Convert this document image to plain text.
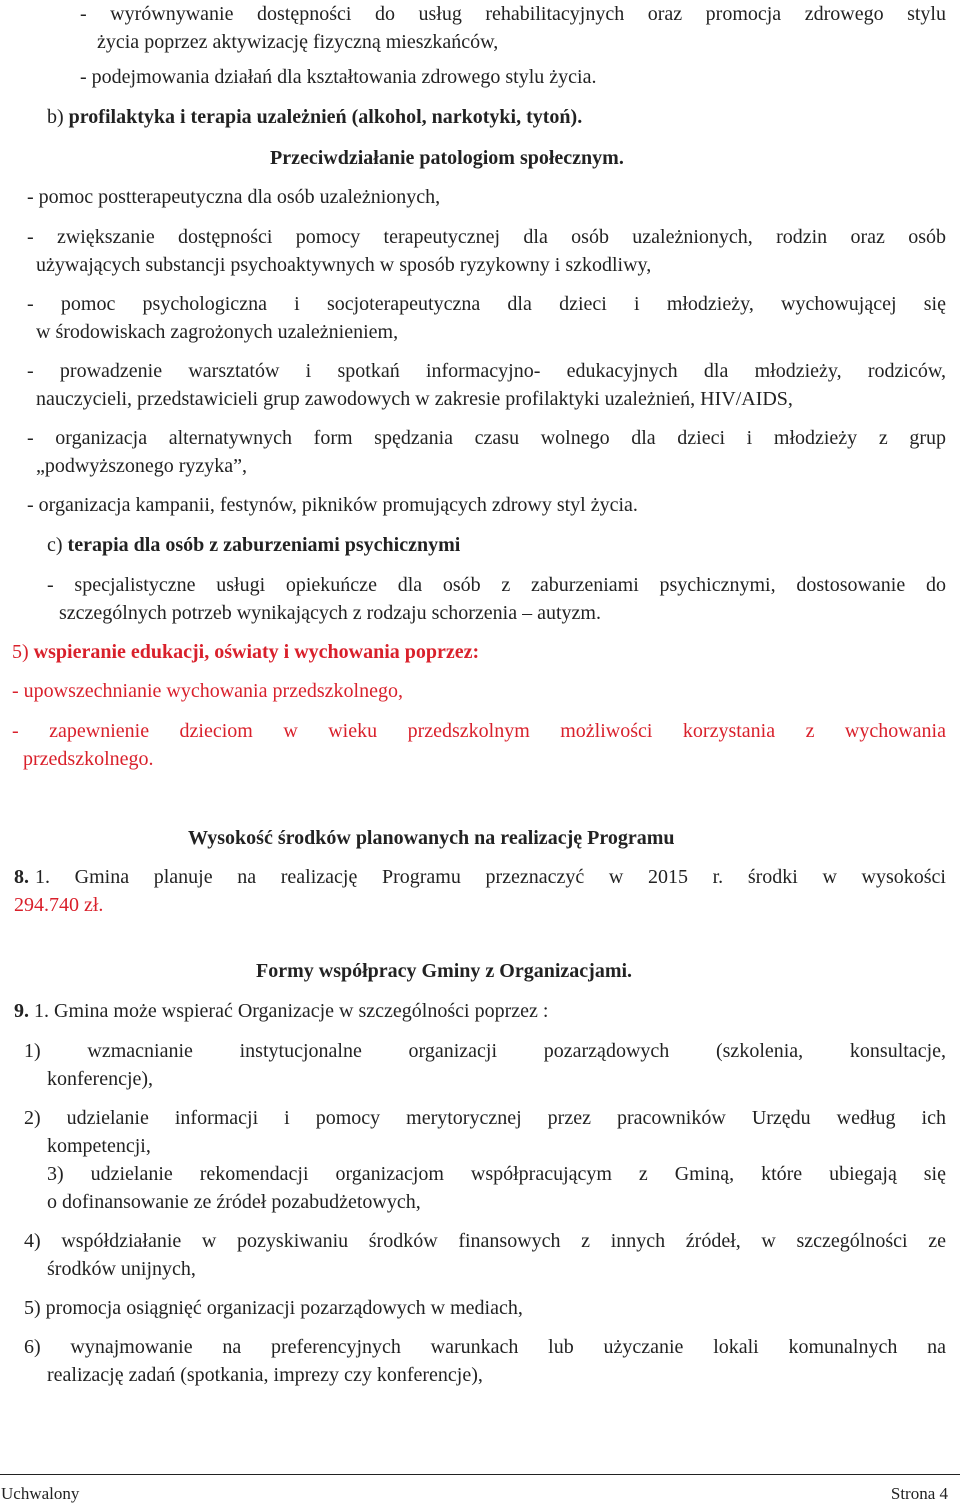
- wyrównywanie dostępności do usług rehabilitacyjnych oraz promocja zdrowego stylu
życia poprzez aktywizację fizyczną mieszkańców,
- podejmowania działań dla kształtowania zdrowego stylu życia.
b) profilaktyka i terapia uzależnień (alkohol, narkotyki, tytoń).
Przeciwdziałanie patologiom społecznym.
- pomoc postterapeutyczna dla osób uzależnionych,
- zwiększanie dostępności pomocy terapeutycznej dla osób uzależnionych, rodzin oraz osób
używających substancji psychoaktywnych w sposób ryzykowny i szkodliwy,
- pomoc psychologiczna i socjoterapeutyczna dla dzieci i młodzieży, wychowującej się
w środowiskach zagrożonych uzależnieniem,
- prowadzenie warsztatów i spotkań informacyjno- edukacyjnych dla młodzieży, rodziców,
nauczycieli, przedstawicieli grup zawodowych w zakresie profilaktyki uzależnień, HIV/AIDS,
- organizacja alternatywnych form spędzania czasu wolnego dla dzieci i młodzieży z grup
„podwyższonego ryzyka”,
- organizacja kampanii, festynów, pikników promujących zdrowy styl życia.
c) terapia dla osób z zaburzeniami psychicznymi
- specjalistyczne usługi opiekuńcze dla osób z zaburzeniami psychicznymi, dostosowanie do
szczególnych potrzeb wynikających z rodzaju schorzenia – autyzm.
5) wspieranie edukacji, oświaty i wychowania poprzez:
- upowszechnianie wychowania przedszkolnego,
- zapewnienie dzieciom w wieku przedszkolnym możliwości korzystania z wychowania
przedszkolnego.
Wysokość środków planowanych na realizację Programu
8. 1. Gmina planuje na realizację Programu przeznaczyć w 2015 r. środki w wysokości
294.740 zł.
Formy współpracy Gminy z Organizacjami.
9. 1. Gmina może wspierać Organizacje w szczególności poprzez :
1) wzmacnianie instytucjonalne organizacji pozarządowych (szkolenia, konsultacje,
konferencje),
2) udzielanie informacji i pomocy merytorycznej przez pracowników Urzędu według ich
kompetencji,
3) udzielanie rekomendacji organizacjom współpracującym z Gminą, które ubiegają się
o dofinansowanie ze źródeł pozabudżetowych,
4) współdziałanie w pozyskiwaniu środków finansowych z innych źródeł, w szczególności ze
środków unijnych,
5) promocja osiągnięć organizacji pozarządowych w mediach,
6) wynajmowanie na preferencyjnych warunkach lub użyczanie lokali komunalnych na
realizację zadań (spotkania, imprezy czy konferencje),
Uchwalony	Strona 4
